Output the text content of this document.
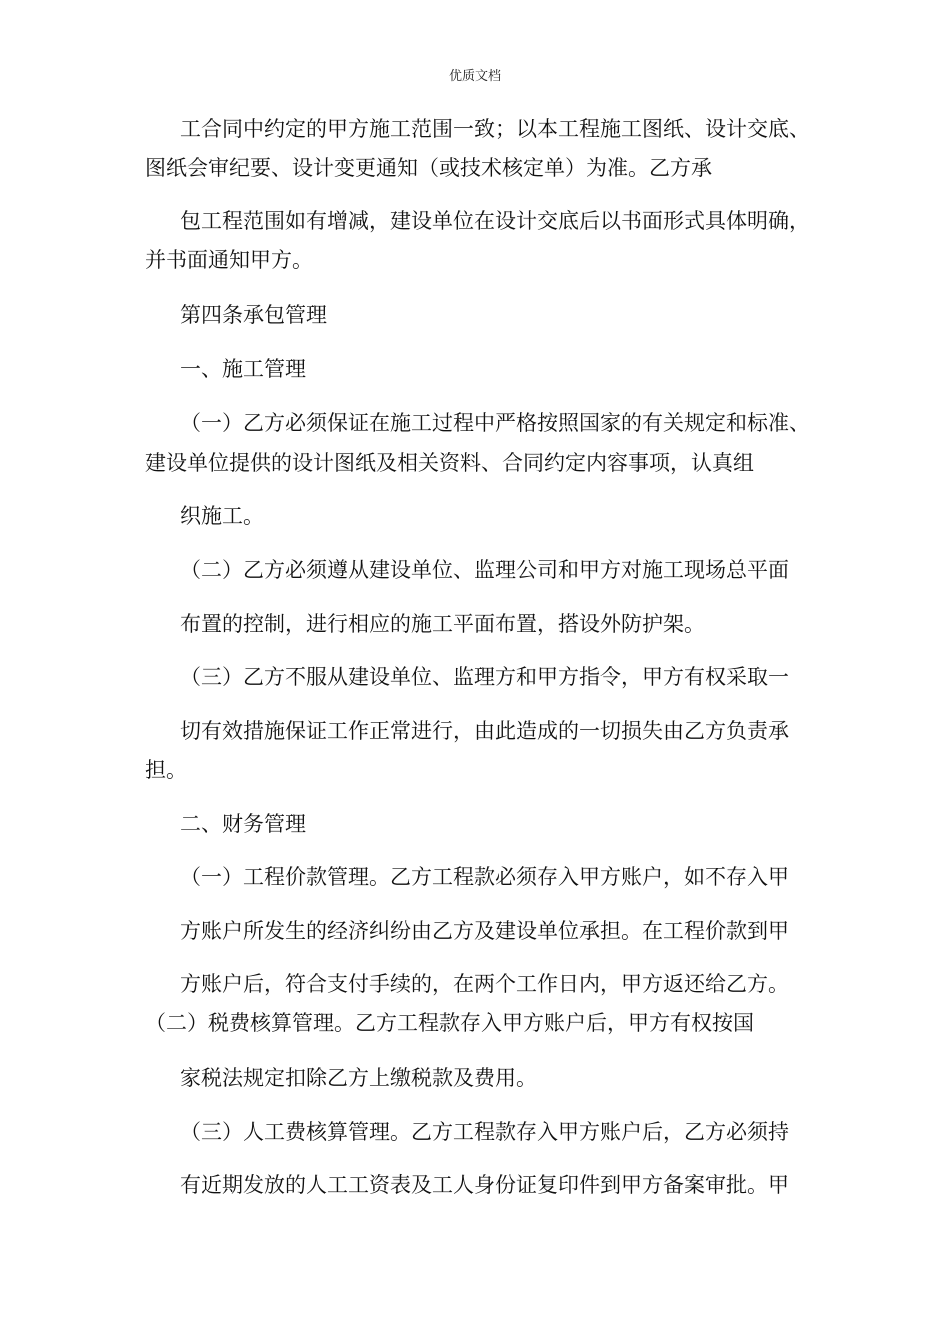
优质文档
工合同中约定的甲方施工范围一致；以本工程施工图纸、设计交底、
图纸会审纪要、设计变更通知（或技术核定单）为准。乙方承
包工程范围如有增减，建设单位在设计交底后以书面形式具体明确，
并书面通知甲方。
第四条承包管理
一、施工管理
（一）乙方必须保证在施工过程中严格按照国家的有关规定和标准、
建设单位提供的设计图纸及相关资料、合同约定内容事项，认真组
织施工。
（二）乙方必须遵从建设单位、监理公司和甲方对施工现场总平面
布置的控制，进行相应的施工平面布置，搭设外防护架。
（三）乙方不服从建设单位、监理方和甲方指令，甲方有权采取一
切有效措施保证工作正常进行，由此造成的一切损失由乙方负责承
担。
二、财务管理
（一）工程价款管理。乙方工程款必须存入甲方账户，如不存入甲
方账户所发生的经济纠纷由乙方及建设单位承担。在工程价款到甲
方账户后，符合支付手续的，在两个工作日内，甲方返还给乙方。
（二）税费核算管理。乙方工程款存入甲方账户后，甲方有权按国
家税法规定扣除乙方上缴税款及费用。
（三）人工费核算管理。乙方工程款存入甲方账户后，乙方必须持
有近期发放的人工工资表及工人身份证复印件到甲方备案审批。甲
